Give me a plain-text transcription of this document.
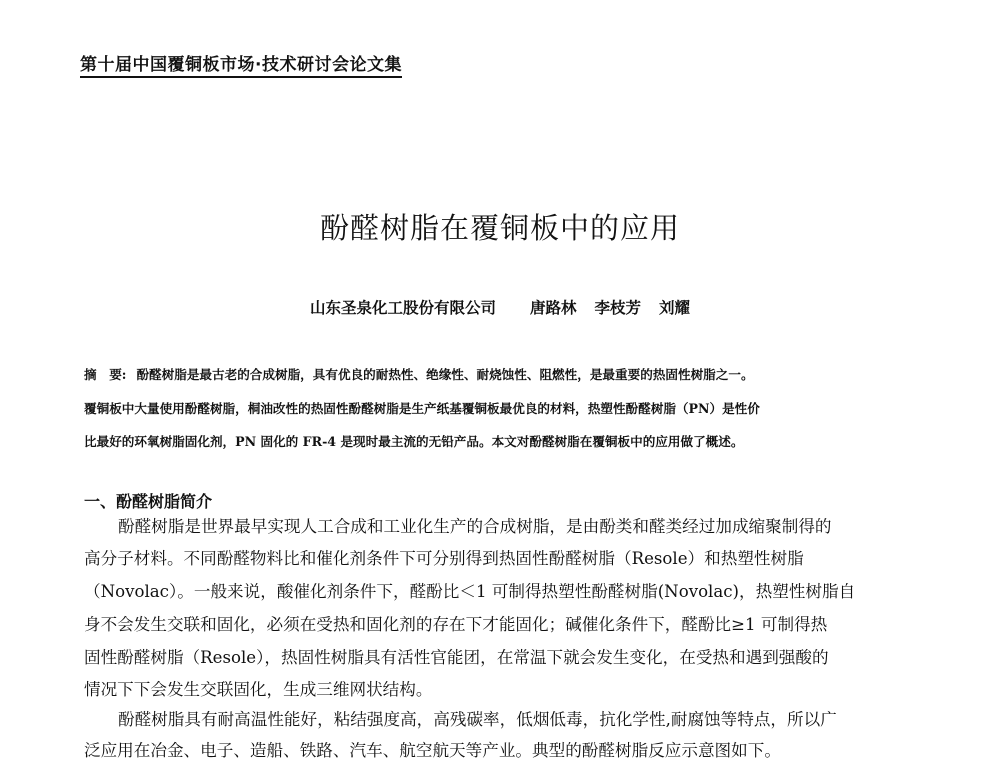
第十届中国覆铜板市场·技术研讨会论文集
酚醛树脂在覆铜板中的应用
山东圣泉化工股份有限公司 唐路林 李枝芳 刘耀
摘　要: 酚醛树脂是最古老的合成树脂，具有优良的耐热性、绝缘性、耐烧蚀性、阻燃性，是最重要的热固性树脂之一。
覆铜板中大量使用酚醛树脂，桐油改性的热固性酚醛树脂是生产纸基覆铜板最优良的材料，热塑性酚醛树脂（PN）是性价
比最好的环氧树脂固化剂，PN 固化的 FR-4 是现时最主流的无铅产品。本文对酚醛树脂在覆铜板中的应用做了概述。
一、酚醛树脂简介
酚醛树脂是世界最早实现人工合成和工业化生产的合成树脂，是由酚类和醛类经过加成缩聚制得的
高分子材料。不同酚醛物料比和催化剂条件下可分别得到热固性酚醛树脂（Resole）和热塑性树脂
（Novolac）。一般来说，酸催化剂条件下，醛酚比＜1 可制得热塑性酚醛树脂(Novolac)，热塑性树脂自
身不会发生交联和固化，必须在受热和固化剂的存在下才能固化；碱催化条件下，醛酚比≥1 可制得热
固性酚醛树脂（Resole），热固性树脂具有活性官能团，在常温下就会发生变化，在受热和遇到强酸的
情况下下会发生交联固化，生成三维网状结构。
酚醛树脂具有耐高温性能好，粘结强度高，高残碳率，低烟低毒，抗化学性,耐腐蚀等特点，所以广
泛应用在冶金、电子、造船、铁路、汽车、航空航天等产业。典型的酚醛树脂反应示意图如下。
